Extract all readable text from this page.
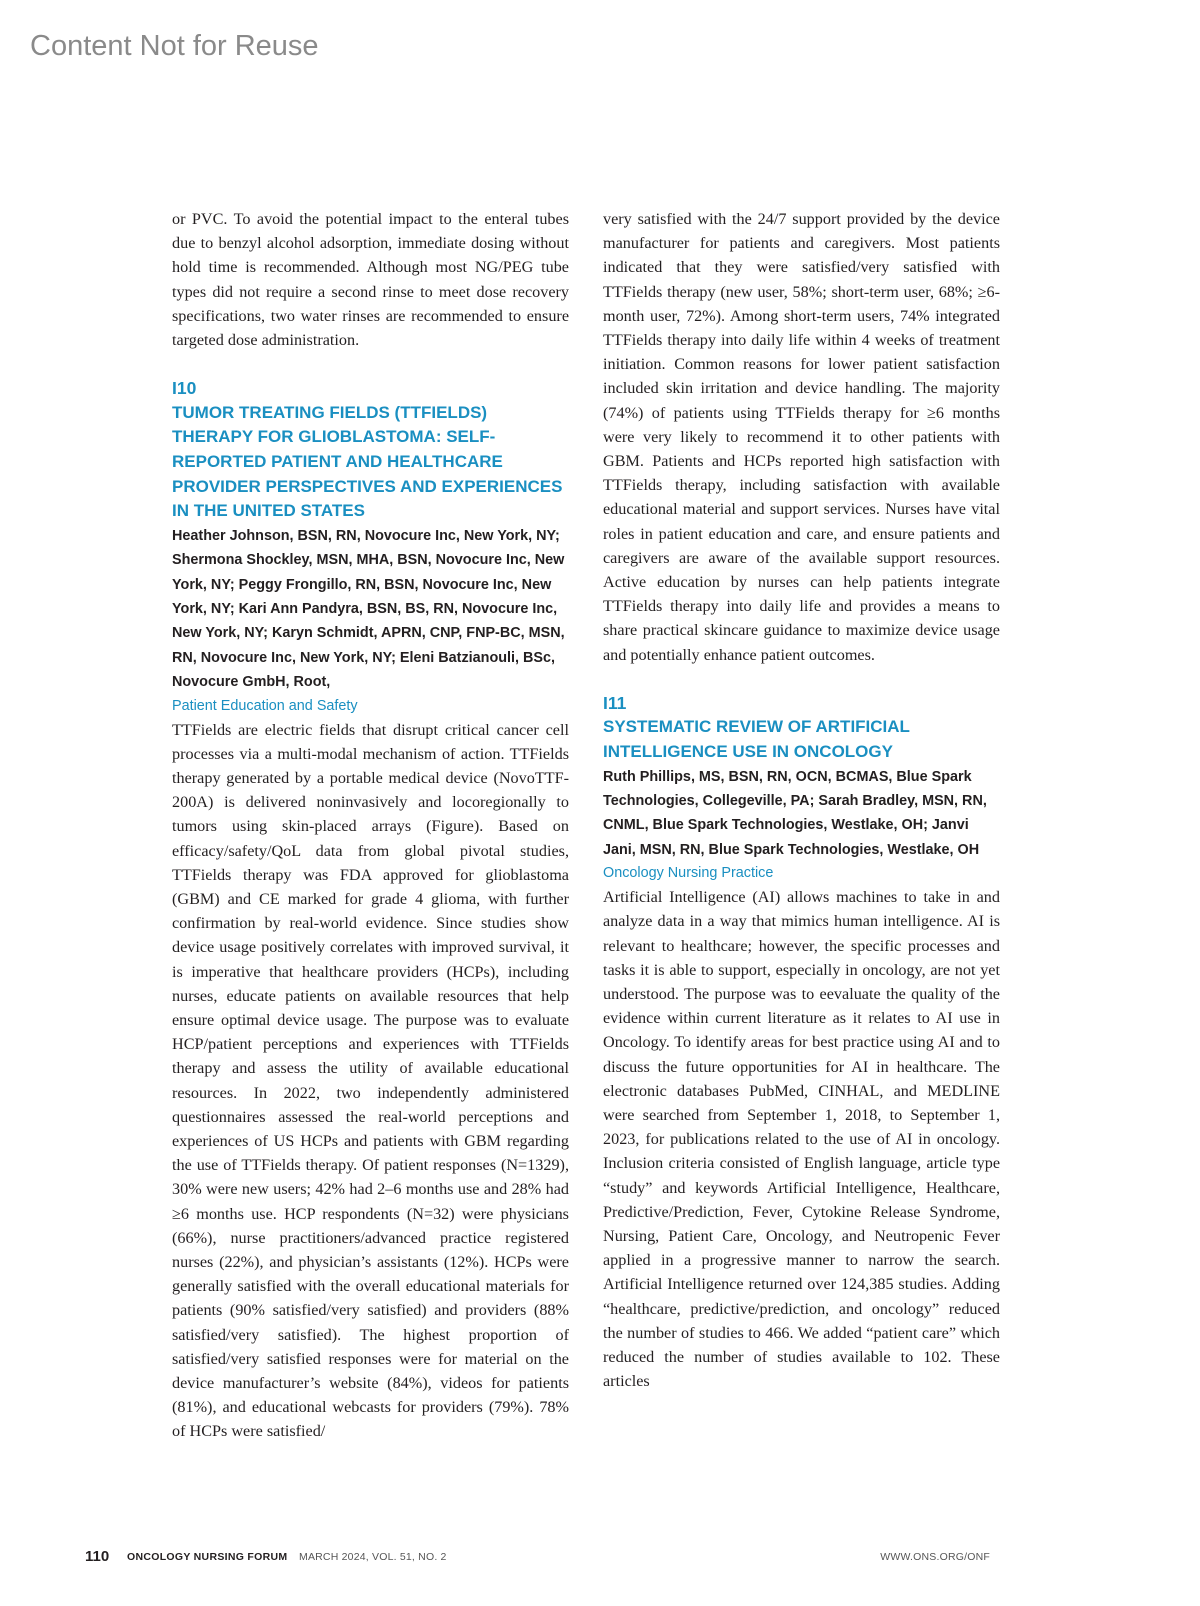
Content Not for Reuse

or PVC. To avoid the potential impact to the enteral tubes due to benzyl alcohol adsorption, immediate dosing without hold time is recommended. Although most NG/PEG tube types did not require a second rinse to meet dose recovery specifications, two water rinses are recommended to ensure targeted dose administration.

I10

TUMOR TREATING FIELDS (TTFIELDS) THERAPY FOR GLIOBLASTOMA: SELF-REPORTED PATIENT AND HEALTHCARE PROVIDER PERSPECTIVES AND EXPERIENCES IN THE UNITED STATES

Heather Johnson, BSN, RN, Novocure Inc, New York, NY; Shermona Shockley, MSN, MHA, BSN, Novocure Inc, New York, NY; Peggy Frongillo, RN, BSN, Novocure Inc, New York, NY; Kari Ann Pandyra, BSN, BS, RN, Novocure Inc, New York, NY; Karyn Schmidt, APRN, CNP, FNP-BC, MSN, RN, Novocure Inc, New York, NY; Eleni Batzianouli, BSc, Novocure GmbH, Root,

Patient Education and Safety

TTFields are electric fields that disrupt critical cancer cell processes via a multi-modal mechanism of action. TTFields therapy generated by a portable medical device (NovoTTF-200A) is delivered noninvasively and locoregionally to tumors using skin-placed arrays (Figure). Based on efficacy/safety/QoL data from global pivotal studies, TTFields therapy was FDA approved for glioblastoma (GBM) and CE marked for grade 4 glioma, with further confirmation by real-world evidence. Since studies show device usage positively correlates with improved survival, it is imperative that healthcare providers (HCPs), including nurses, educate patients on available resources that help ensure optimal device usage. The purpose was to evaluate HCP/patient perceptions and experiences with TTFields therapy and assess the utility of available educational resources. In 2022, two independently administered questionnaires assessed the real-world perceptions and experiences of US HCPs and patients with GBM regarding the use of TTFields therapy. Of patient responses (N=1329), 30% were new users; 42% had 2–6 months use and 28% had ≥6 months use. HCP respondents (N=32) were physicians (66%), nurse practitioners/advanced practice registered nurses (22%), and physician’s assistants (12%). HCPs were generally satisfied with the overall educational materials for patients (90% satisfied/very satisfied) and providers (88% satisfied/very satisfied). The highest proportion of satisfied/very satisfied responses were for material on the device manufacturer’s website (84%), videos for patients (81%), and educational webcasts for providers (79%). 78% of HCPs were satisfied/

very satisfied with the 24/7 support provided by the device manufacturer for patients and caregivers. Most patients indicated that they were satisfied/very satisfied with TTFields therapy (new user, 58%; short-term user, 68%; ≥6-month user, 72%). Among short-term users, 74% integrated TTFields therapy into daily life within 4 weeks of treatment initiation. Common reasons for lower patient satisfaction included skin irritation and device handling. The majority (74%) of patients using TTFields therapy for ≥6 months were very likely to recommend it to other patients with GBM. Patients and HCPs reported high satisfaction with TTFields therapy, including satisfaction with available educational material and support services. Nurses have vital roles in patient education and care, and ensure patients and caregivers are aware of the available support resources. Active education by nurses can help patients integrate TTFields therapy into daily life and provides a means to share practical skincare guidance to maximize device usage and potentially enhance patient outcomes.

I11

SYSTEMATIC REVIEW OF ARTIFICIAL INTELLIGENCE USE IN ONCOLOGY

Ruth Phillips, MS, BSN, RN, OCN, BCMAS, Blue Spark Technologies, Collegeville, PA; Sarah Bradley, MSN, RN, CNML, Blue Spark Technologies, Westlake, OH; Janvi Jani, MSN, RN, Blue Spark Technologies, Westlake, OH

Oncology Nursing Practice

Artificial Intelligence (AI) allows machines to take in and analyze data in a way that mimics human intelligence. AI is relevant to healthcare; however, the specific processes and tasks it is able to support, especially in oncology, are not yet understood. The purpose was to eevaluate the quality of the evidence within current literature as it relates to AI use in Oncology. To identify areas for best practice using AI and to discuss the future opportunities for AI in healthcare. The electronic databases PubMed, CINHAL, and MEDLINE were searched from September 1, 2018, to September 1, 2023, for publications related to the use of AI in oncology. Inclusion criteria consisted of English language, article type “study” and keywords Artificial Intelligence, Healthcare, Predictive/Prediction, Fever, Cytokine Release Syndrome, Nursing, Patient Care, Oncology, and Neutropenic Fever applied in a progressive manner to narrow the search. Artificial Intelligence returned over 124,385 studies. Adding “healthcare, predictive/prediction, and oncology” reduced the number of studies to 466. We added “patient care” which reduced the number of studies available to 102. These articles

110 ONCOLOGY NURSING FORUM MARCH 2024, VOL. 51, NO. 2	WWW.ONS.ORG/ONF
